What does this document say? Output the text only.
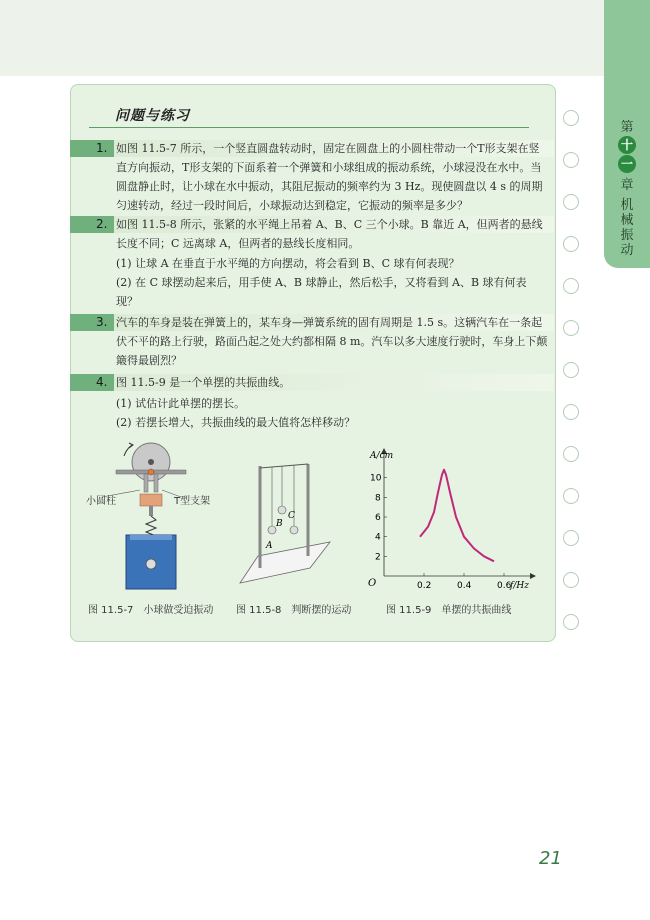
第
十
一
章
机械振动
问题与练习
1. 如图 11.5-7 所示，一个竖直圆盘转动时，固定在圆盘上的小圆柱带动一个T形支架在竖直方向振动，T形支架的下面系着一个弹簧和小球组成的振动系统，小球浸没在水中。当圆盘静止时，让小球在水中振动，其阻尼振动的频率约为 3 Hz。现使圆盘以 4 s 的周期匀速转动，经过一段时间后，小球振动达到稳定，它振动的频率是多少？
2. 如图 11.5-8 所示，张紧的水平绳上吊着 A、B、C 三个小球。B 靠近 A，但两者的悬线长度不同；C 远离球 A，但两者的悬线长度相同。
(1) 让球 A 在垂直于水平绳的方向摆动，将会看到 B、C 球有何表现？
(2) 在 C 球摆动起来后，用手使 A、B 球静止，然后松手，又将看到 A、B 球有何表现？
3. 汽车的车身是装在弹簧上的，某车身—弹簧系统的固有周期是 1.5 s。这辆汽车在一条起伏不平的路上行驶，路面凸起之处大约都相隔 8 m。汽车以多大速度行驶时，车身上下颠簸得最剧烈？
4. 图 11.5-9 是一个单摆的共振曲线。
(1) 试估计此单摆的摆长。
(2) 若摆长增大，共振曲线的最大值将怎样移动？
小圆柱	T型支架
图 11.5-7　小球做受迫振动
A
B
C
图 11.5-8　判断摆的运动
O
A/cm
f/Hz
0.2	0.4	0.6
2
4
6
8
10
图 11.5-9　单摆的共振曲线
21
